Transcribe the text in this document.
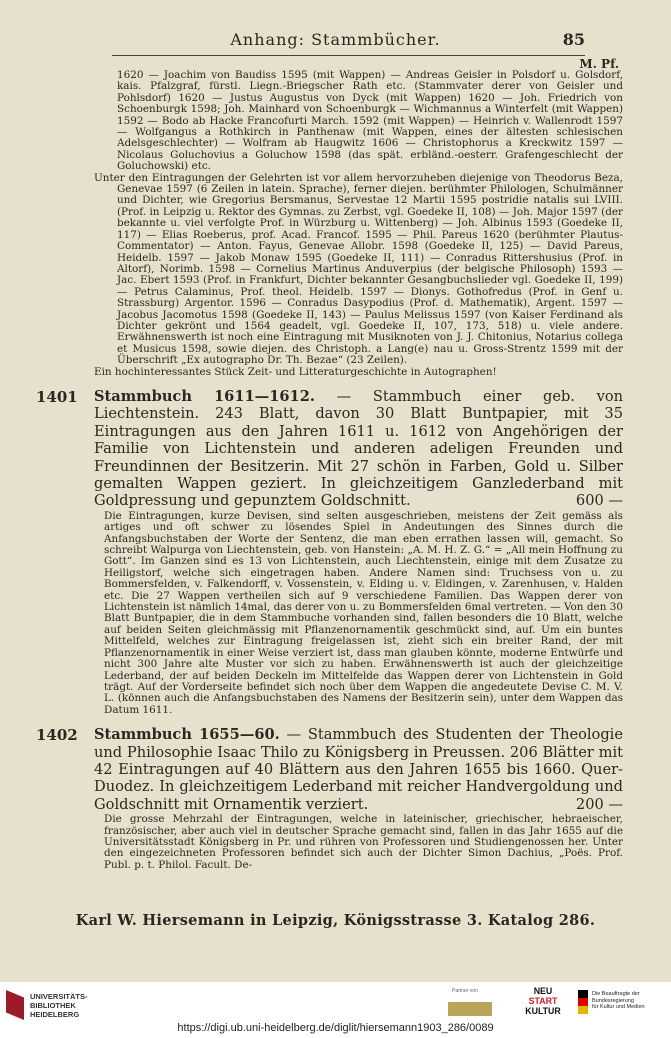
Anhang: Stammbücher.	85
M. Pf.

1620 — Joachim von Baudiss 1595 (mit Wappen) — Andreas Geisler in Polsdorf u. Golsdorf, kais. Pfalzgraf, fürstl. Liegn.-Briegscher Rath etc. (Stammvater derer von Geisler und Pohlsdorf) 1620 — Justus Augustus von Dyck (mit Wappen) 1620 — Joh. Friedrich von Schoenburgk 1598; Joh. Mainhard von Schoenburgk — Wichmannus a Winterfelt (mit Wappen) 1592 — Bodo ab Hacke Francofurti March. 1592 (mit Wappen) — Heinrich v. Wallenrodt 1597 — Wolfgangus a Rothkirch in Panthenaw (mit Wappen, eines der ältesten schlesischen Adelsgeschlechter) — Wolfram ab Haugwitz 1606 — Christophorus a Kreckwitz 1597 — Nicolaus Goluchovius a Goluchow 1598 (das spät. erbländ.-oesterr. Grafengeschlecht der Goluchowski) etc.

Unter den Eintragungen der Gelehrten ist vor allem hervorzuheben diejenige von Theodorus Beza, Genevae 1597 (6 Zeilen in latein. Sprache), ferner diejen. berühmter Philologen, Schulmänner und Dichter, wie Gregorius Bersmanus, Servestae 12 Martii 1595 postridie natalis sui LVIII. (Prof. in Leipzig u. Rektor des Gymnas. zu Zerbst, vgl. Goedeke II, 108) — Joh. Major 1597 (der bekannte u. viel verfolgte Prof. in Würzburg u. Wittenberg) — Joh. Albinus 1593 (Goedeke II, 117) — Elias Roeberus, prof. Acad. Francof. 1595 — Phil. Pareus 1620 (berühmter Plautus-Commentator) — Anton. Fayus, Genevae Allobr. 1598 (Goedeke II, 125) — David Pareus, Heidelb. 1597 — Jakob Monaw 1595 (Goedeke II, 111) — Conradus Rittershusius (Prof. in Altorf), Norimb. 1598 — Cornelius Martinus Anduverpius (der belgische Philosoph) 1593 — Jac. Ebert 1593 (Prof. in Frankfurt, Dichter bekannter Gesangbuchslieder vgl. Goedeke II, 199) — Petrus Calaminus, Prof. theol. Heidelb. 1597 — Dionys. Gothofredus (Prof. in Genf u. Strassburg) Argentor. 1596 — Conradus Dasypodius (Prof. d. Mathematik), Argent. 1597 — Jacobus Jacomotus 1598 (Goedeke II, 143) — Paulus Melissus 1597 (von Kaiser Ferdinand als Dichter gekrönt und 1564 geadelt, vgl. Goedeke II, 107, 173, 518) u. viele andere. Erwähnenswerth ist noch eine Eintragung mit Musiknoten von J. J. Chitonius, Notarius collega et Musicus 1598, sowie diejen. des Christoph. a Lang(e) nau u. Gross-Strentz 1599 mit der Überschrift „Ex autographo Dr. Th. Bezae“ (23 Zeilen).

Ein hochinteressantes Stück Zeit- und Litteraturgeschichte in Autographen!

1401 Stammbuch 1611—1612. — Stammbuch einer geb. von Liechtenstein. 243 Blatt, davon 30 Blatt Buntpapier, mit 35 Eintragungen aus den Jahren 1611 u. 1612 von Angehörigen der Familie von Lichtenstein und anderen adeligen Freunden und Freundinnen der Besitzerin. Mit 27 schön in Farben, Gold u. Silber gemalten Wappen geziert. In gleichzeitigem Ganzlederband mit Goldpressung und gepunztem Goldschnitt.	600 —
Die Eintragungen, kurze Devisen, sind selten ausgeschrieben, meistens der Zeit gemäss als artiges und oft schwer zu lösendes Spiel in Andeutungen des Sinnes durch die Anfangsbuchstaben der Worte der Sentenz, die man eben errathen lassen will, gemacht. So schreibt Walpurga von Liechtenstein, geb. von Hanstein: „A. M. H. Z. G.“ = „All mein Hoffnung zu Gott“. Im Ganzen sind es 13 von Lichtenstein, auch Liechtenstein, einige mit dem Zusatze zu Heiligstorf, welche sich eingetragen haben. Andere Namen sind: Truchsess von u. zu Bommersfelden, v. Falkendorff, v. Vossenstein, v. Elding u. v. Eldingen, v. Zarenhusen, v. Halden etc. Die 27 Wappen vertheilen sich auf 9 verschiedene Familien. Das Wappen derer von Lichtenstein ist nämlich 14mal, das derer von u. zu Bommersfelden 6mal vertreten. — Von den 30 Blatt Buntpapier, die in dem Stammbuche vorhanden sind, fallen besonders die 10 Blatt, welche auf beiden Seiten gleichmässig mit Pflanzenornamentik geschmückt sind, auf. Um ein buntes Mittelfeld, welches zur Eintragung freigelassen ist, zieht sich ein breiter Rand, der mit Pflanzenornamentik in einer Weise verziert ist, dass man glauben könnte, moderne Entwürfe und nicht 300 Jahre alte Muster vor sich zu haben. Erwähnenswerth ist auch der gleichzeitige Lederband, der auf beiden Deckeln im Mittelfelde das Wappen derer von Lichtenstein in Gold trägt. Auf der Vorderseite befindet sich noch über dem Wappen die angedeutete Devise C. M. V. L. (können auch die Anfangsbuchstaben des Namens der Besitzerin sein), unter dem Wappen das Datum 1611.
1402 Stammbuch 1655—60. — Stammbuch des Studenten der Theologie und Philosophie Isaac Thilo zu Königsberg in Preussen. 206 Blätter mit 42 Eintragungen auf 40 Blättern aus den Jahren 1655 bis 1660. Quer-Duodez. In gleichzeitigem Lederband mit reicher Handvergoldung und Goldschnitt mit Ornamentik verziert.	200 —
Die grosse Mehrzahl der Eintragungen, welche in lateinischer, griechischer, hebraeischer, französischer, aber auch viel in deutscher Sprache gemacht sind, fallen in das Jahr 1655 auf die Universitätsstadt Königsberg in Pr. und rühren von Professoren und Studiengenossen her. Unter den eingezeichneten Professoren befindet sich auch der Dichter Simon Dachius, „Poës. Prof. Publ. p. t. Philol. Facult. De-
Karl W. Hiersemann in Leipzig, Königsstrasse 3. Katalog 286.
UNIVERSITÄTS-
BIBLIOTHEK
HEIDELBERG
Partner von	NEU
START
KULTUR
Die Beauftragte der Bundesregierung
für Kultur und Medien
https://digi.ub.uni-heidelberg.de/diglit/hiersemann1903_286/0089
